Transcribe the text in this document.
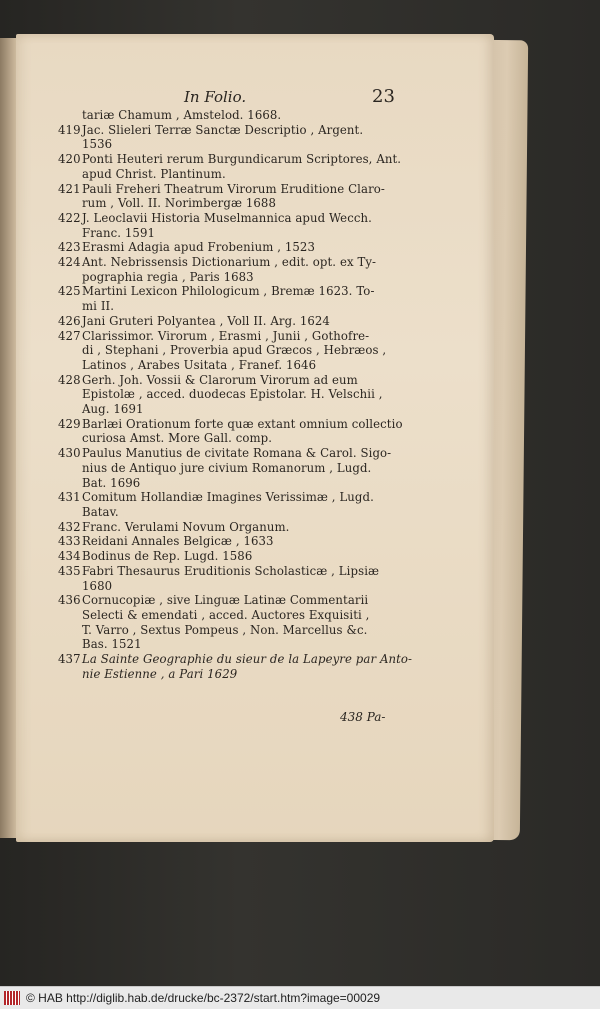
In Folio.	23
tariæ Chamum , Amstelod. 1668.
419 Jac. Slieleri Terræ Sanctæ Descriptio , Argent.
1536
420 Ponti Heuteri rerum Burgundicarum Scriptores, Ant.
apud Christ. Plantinum.
421 Pauli Freheri Theatrum Virorum Eruditione Claro-
rum , Voll. II. Norimbergæ 1688
422 J. Leoclavii Historia Muselmannica apud Wecch.
Franc. 1591
423 Erasmi Adagia apud Frobenium , 1523
424 Ant. Nebrissensis Dictionarium , edit. opt. ex Ty-
pographia regia , Paris 1683
425 Martini Lexicon Philologicum , Bremæ 1623. To-
mi II.
426 Jani Gruteri Polyantea , Voll II. Arg. 1624
427 Clarissimor. Virorum , Erasmi , Junii , Gothofre-
di , Stephani , Proverbia apud Græcos , Hebræos ,
Latinos , Arabes Usitata , Franef. 1646
428 Gerh. Joh. Vossii & Clarorum Virorum ad eum
Epistolæ , acced. duodecas Epistolar. H. Velschii ,
Aug. 1691
429 Barlæi Orationum forte quæ extant omnium collectio
curiosa Amst. More Gall. comp.
430 Paulus Manutius de civitate Romana & Carol. Sigo-
nius de Antiquo jure civium Romanorum , Lugd.
Bat. 1696
431 Comitum Hollandiæ Imagines Verissimæ , Lugd.
Batav.
432 Franc. Verulami Novum Organum.
433 Reidani Annales Belgicæ , 1633
434 Bodinus de Rep. Lugd. 1586
435 Fabri Thesaurus Eruditionis Scholasticæ , Lipsiæ
1680
436 Cornucopiæ , sive Linguæ Latinæ Commentarii
Selecti & emendati , acced. Auctores Exquisiti ,
T. Varro , Sextus Pompeus , Non. Marcellus &c.
Bas. 1521
437 La Sainte Geographie du sieur de la Lapeyre par Anto-
nie Estienne , a Pari 1629
438 Pa-
© HAB http://diglib.hab.de/drucke/bc-2372/start.htm?image=00029
